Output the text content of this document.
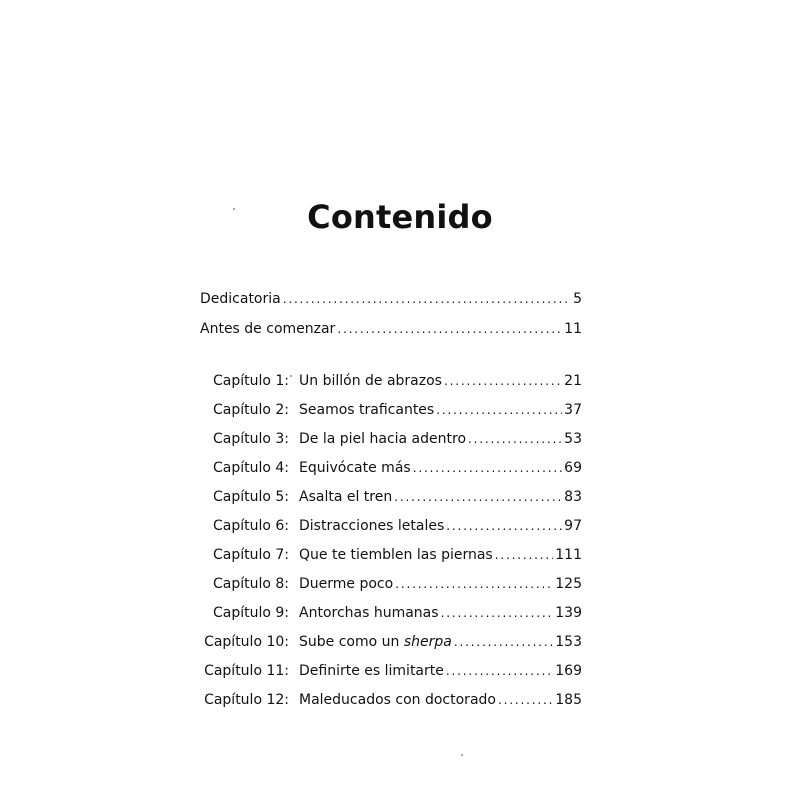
Contenido
Dedicatoria . . .	5
Antes de comenzar . . .	11
Capítulo 1: Un billón de abrazos . . .	21
Capítulo 2: Seamos traficantes . . .	37
Capítulo 3: De la piel hacia adentro . . .	53
Capítulo 4: Equivócate más . . .	69
Capítulo 5: Asalta el tren . . .	83
Capítulo 6: Distracciones letales . . .	97
Capítulo 7: Que te tiemblen las piernas . . .	111
Capítulo 8: Duerme poco . . .	125
Capítulo 9: Antorchas humanas . . .	139
Capítulo 10: Sube como un sherpa . . .	153
Capítulo 11: Definirte es limitarte . . .	169
Capítulo 12: Maleducados con doctorado . . .	185
